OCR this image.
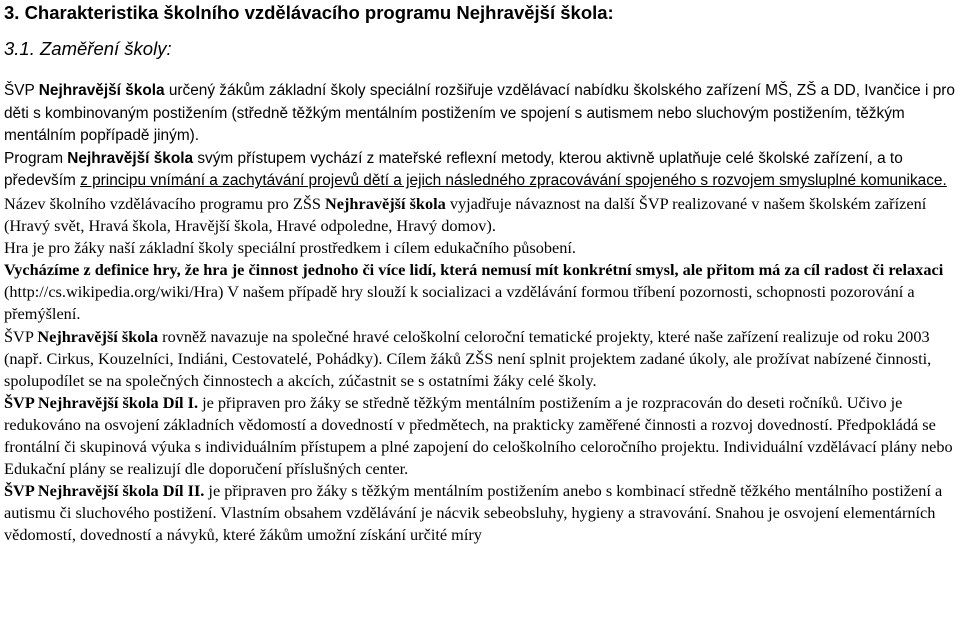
3. Charakteristika školního vzdělávacího programu Nejhravější škola:
3.1. Zaměření školy:

ŠVP Nejhravější škola určený žákům základní školy speciální rozšiřuje vzdělávací nabídku školského zařízení MŠ, ZŠ a DD, Ivančice i pro děti s kombinovaným postižením (středně těžkým mentálním postižením ve spojení s autismem nebo sluchovým postižením, těžkým mentálním popřípadě jiným).

Program Nejhravější škola svým přístupem vychází z mateřské reflexní metody, kterou aktivně uplatňuje celé školské zařízení, a to především z principu vnímání a zachytávání projevů dětí a jejich následného zpracovávání spojeného s rozvojem smysluplné komunikace.

Název školního vzdělávacího programu pro ZŠS Nejhravější škola vyjadřuje návaznost na další ŠVP realizované v našem školském zařízení (Hravý svět, Hravá škola, Hravější škola, Hravé odpoledne, Hravý domov).

Hra je pro žáky naší základní školy speciální prostředkem i cílem edukačního působení.

Vycházíme z definice hry, že hra je činnost jednoho či více lidí, která nemusí mít konkrétní smysl, ale přitom má za cíl radost či relaxaci (http://cs.wikipedia.org/wiki/Hra) V našem případě hry slouží k socializaci a vzdělávání formou tříbení pozornosti, schopnosti pozorování a přemýšlení.

ŠVP Nejhravější škola rovněž navazuje na společné hravé celoškolní celoroční tematické projekty, které naše zařízení realizuje od roku 2003 (např. Cirkus, Kouzelníci, Indiáni, Cestovatelé, Pohádky). Cílem žáků ZŠS není splnit projektem zadané úkoly, ale prožívat nabízené činnosti, spolupodílet se na společných činnostech a akcích, zúčastnit se s ostatními žáky celé školy.

ŠVP Nejhravější škola Díl I. je připraven pro žáky se středně těžkým mentálním postižením a je rozpracován do deseti ročníků. Učivo je redukováno na osvojení základních vědomostí a dovedností v předmětech, na prakticky zaměřené činnosti a rozvoj dovedností. Předpokládá se frontální či skupinová výuka s individuálním přístupem a plné zapojení do celoškolního celoročního projektu. Individuální vzdělávací plány nebo Edukační plány se realizují dle doporučení příslušných center.

ŠVP Nejhravější škola Díl II. je připraven pro žáky s těžkým mentálním postižením anebo s kombinací středně těžkého mentálního postižení a autismu či sluchového postižení. Vlastním obsahem vzdělávání je nácvik sebeobsluhy, hygieny a stravování. Snahou je osvojení elementárních vědomostí, dovedností a návyků, které žákům umožní získání určité míry
